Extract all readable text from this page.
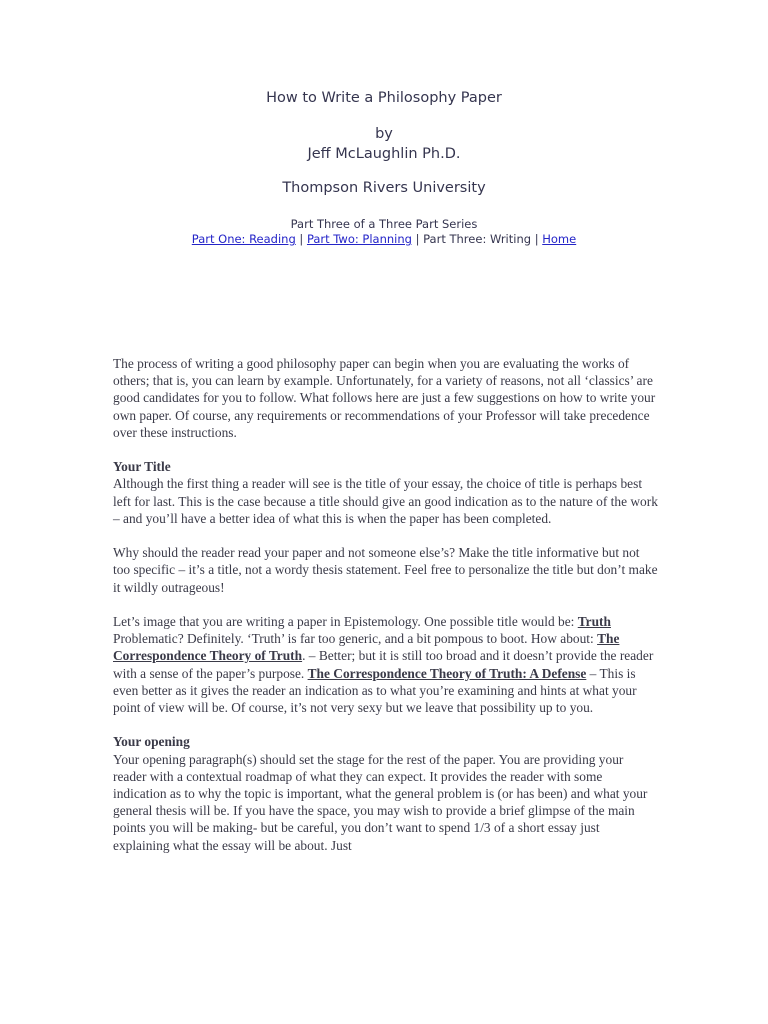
How to Write a Philosophy Paper
by
Jeff McLaughlin Ph.D.
Thompson Rivers University
Part Three of a Three Part Series
Part One: Reading | Part Two: Planning | Part Three: Writing | Home

The process of writing a good philosophy paper can begin when you are evaluating the works of others; that is, you can learn by example. Unfortunately, for a variety of reasons, not all ‘classics’ are good candidates for you to follow. What follows here are just a few suggestions on how to write your own paper. Of course, any requirements or recommendations of your Professor will take precedence over these instructions.

Your Title
Although the first thing a reader will see is the title of your essay, the choice of title is perhaps best left for last. This is the case because a title should give an good indication as to the nature of the work – and you’ll have a better idea of what this is when the paper has been completed.

Why should the reader read your paper and not someone else’s? Make the title informative but not too specific – it’s a title, not a wordy thesis statement. Feel free to personalize the title but don’t make it wildly outrageous!

Let’s image that you are writing a paper in Epistemology. One possible title would be: Truth Problematic? Definitely. ‘Truth’ is far too generic, and a bit pompous to boot. How about: The Correspondence Theory of Truth. – Better; but it is still too broad and it doesn’t provide the reader with a sense of the paper’s purpose. The Correspondence Theory of Truth: A Defense – This is even better as it gives the reader an indication as to what you’re examining and hints at what your point of view will be. Of course, it’s not very sexy but we leave that possibility up to you.

Your opening
Your opening paragraph(s) should set the stage for the rest of the paper. You are providing your reader with a contextual roadmap of what they can expect. It provides the reader with some indication as to why the topic is important, what the general problem is (or has been) and what your general thesis will be. If you have the space, you may wish to provide a brief glimpse of the main points you will be making- but be careful, you don’t want to spend 1/3 of a short essay just explaining what the essay will be about. Just
